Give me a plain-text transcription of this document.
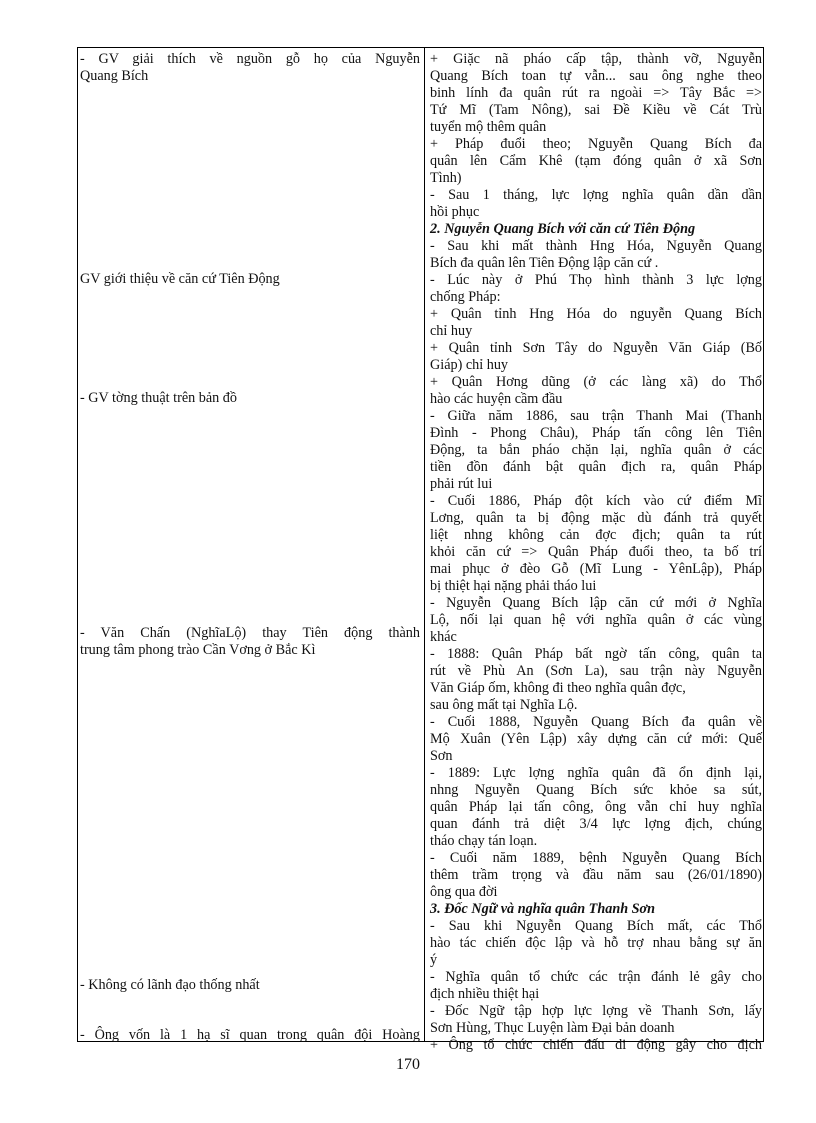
- GV giải thích về nguồn gỗ họ của Nguyễn
Quang Bích
GV giới thiệu về căn cứ Tiên Động
- GV tờng thuật trên bản đồ
- Văn Chấn (NghĩaLộ) thay Tiên động thành
trung tâm phong trào Cần Vơng ở Bắc Kì
- Không có lãnh đạo thống nhất
- Ông vốn là 1 hạ sĩ quan trong quân đội Hoàng
+ Giặc nã pháo cấp tập, thành vỡ, Nguyễn
Quang Bích toan tự vẫn... sau ông nghe theo
binh lính đa quân rút ra ngoài => Tây Bắc =>
Tứ Mĩ (Tam Nông), sai Đề Kiều về Cát Trù
tuyển mộ thêm quân
+ Pháp đuổi theo; Nguyễn Quang Bích đa
quân lên Cẩm Khê (tạm đóng quân ở xã Sơn
Tình)
- Sau 1 tháng, lực lợng nghĩa quân dần dần
hồi phục
2. Nguyễn Quang Bích với căn cứ Tiên Động
- Sau khi mất thành Hng Hóa, Nguyễn Quang
Bích đa quân lên Tiên Động lập căn cứ .
- Lúc này ở Phú Thọ hình thành 3 lực lợng
chống Pháp:
+ Quân tỉnh Hng Hóa do nguyễn Quang Bích
chỉ huy
+ Quân tỉnh Sơn Tây do Nguyễn Văn Giáp (Bố
Giáp) chỉ huy
+ Quân Hơng dũng (ở các làng xã) do Thổ
hào các huyện cầm đầu
- Giữa năm 1886, sau trận Thanh Mai (Thanh
Đình - Phong Châu), Pháp tấn công lên Tiên
Động, ta bắn pháo chặn lại, nghĩa quân ở các
tiền đồn đánh bật quân địch ra, quân Pháp
phải rút lui
- Cuối 1886, Pháp đột kích vào cứ điểm Mĩ
Lơng, quân ta bị động mặc dù đánh trả quyết
liệt nhng không cản đợc địch; quân ta rút
khỏi căn cứ => Quân Pháp đuổi theo, ta bố trí
mai phục ở đèo Gỗ (Mĩ Lung - YênLập), Pháp
bị thiệt hại nặng phải tháo lui
- Nguyễn Quang Bích lập căn cứ mới ở Nghĩa
Lộ, nối lại quan hệ với nghĩa quân ở các vùng
khác
- 1888: Quân Pháp bất ngờ tấn công, quân ta
rút về Phù An (Sơn La), sau trận này Nguyễn
Văn Giáp ốm, không đi theo nghĩa quân đợc,
sau ông mất tại Nghĩa Lộ.
- Cuối 1888, Nguyễn Quang Bích đa quân về
Mộ Xuân (Yên Lập) xây dựng căn cứ mới: Quế
Sơn
- 1889: Lực lợng nghĩa quân đã ổn định lại,
nhng Nguyễn Quang Bích sức khỏe sa sút,
quân Pháp lại tấn công, ông vẫn chỉ huy nghĩa
quan đánh trả diệt 3/4 lực lợng địch, chúng
tháo chạy tán loạn.
- Cuối năm 1889, bệnh Nguyễn Quang Bích
thêm trầm trọng và đầu năm sau (26/01/1890)
ông qua đời
3. Đốc Ngữ và nghĩa quân Thanh Sơn
- Sau khi Nguyễn Quang Bích mất, các Thổ
hào tác chiến độc lập và hỗ trợ nhau bằng sự ăn
ý
- Nghĩa quân tổ chức các trận đánh lẻ gây cho
địch nhiều thiệt hại
- Đốc Ngữ tập hợp lực lợng về Thanh Sơn, lấy
Sơn Hùng, Thục Luyện làm Đại bản doanh
+ Ông tổ chức chiến đấu di động gây cho địch
170
